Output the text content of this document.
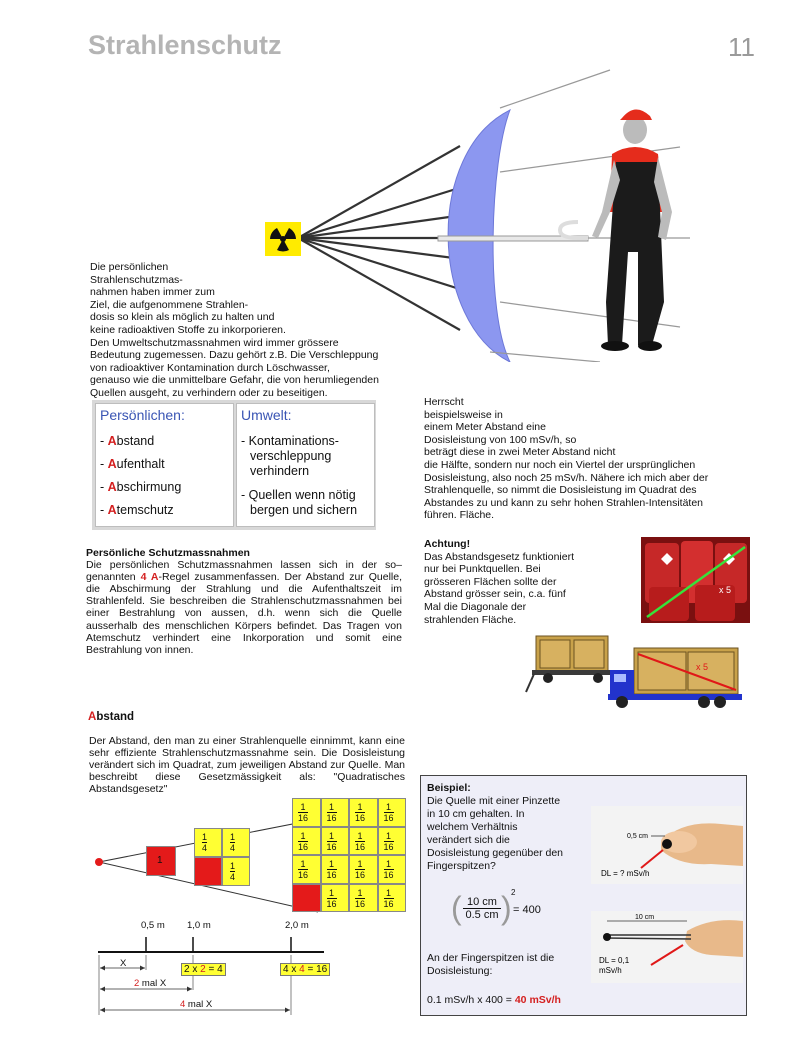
Strahlenschutz	11
Die persönlichen
Strahlenschutzmas-
nahmen haben immer zum
Ziel, die aufgenommene Strahlen-
dosis so klein als möglich zu halten und
keine radioaktiven Stoffe zu inkorporieren.
Den Umweltschutzmassnahmen wird immer grössere
Bedeutung zugemessen. Dazu gehört z.B. Die Verschleppung
von radioaktiver Kontamination durch Löschwasser,
genauso wie die unmittelbare Gefahr, die von herumliegenden
Quellen ausgeht, zu verhindern oder zu beseitigen.
Persönlichen:
- Abstand
- Aufenthalt
- Abschirmung
- Atemschutz
Umwelt:
- Kontaminations-
verschleppung
verhindern
- Quellen wenn nötig
bergen und sichern
Herrscht
beispielsweise in
einem Meter Abstand eine
Dosisleistung von 100 mSv/h, so
beträgt diese in zwei Meter Abstand nicht
die Hälfte, sondern nur noch ein Viertel der ursprünglichen
Dosisleistung, also noch 25 mSv/h. Nähere ich mich aber der
Strahlenquelle, so nimmt die Dosisleistung im Quadrat des
Abstandes zu und kann zu sehr hohen Strahlen-Intensitäten
führen. Fläche.
Achtung!
Das Abstandsgesetz funktioniert
nur bei Punktquellen. Bei
grösseren Flächen sollte der
Abstand grösser sein, c.a. fünf
Mal die Diagonale der
strahlenden Fläche.
x 5
x 5
Persönliche Schutzmassnahmen
Die persönlichen Schutzmassnahmen lassen sich in der so–genannten 4 A-Regel zusammenfassen. Der Abstand zur Quelle, die Abschirmung der Strahlung und die Aufenthaltszeit im Strahlenfeld. Sie beschreiben die Strahlenschutzmassnahmen bei einer Bestrahlung von aussen, d.h. wenn sich die Quelle ausserhalb des menschlichen Körpers befindet. Das Tragen von Atemschutz verhindert eine Inkorporation und somit eine Bestrahlung von innen.
Abstand
Der Abstand, den man zu einer Strahlenquelle einnimmt, kann eine sehr effiziente Strahlenschutzmassnahme sein. Die Dosisleistung verändert sich im Quadrat, zum jeweiligen Abstand zur Quelle. Man beschreibt diese Gesetzmässigkeit als: "Quadratisches Abstandsgesetz"
1
$\frac{1}{4}$	$\frac{1}{4}$
$\frac{1}{4}$
$\frac{1}{16} \frac{1}{16} \frac{1}{16} \frac{1}{16}$
$\frac{1}{16} \frac{1}{16} \frac{1}{16} \frac{1}{16}$
$\frac{1}{16} \frac{1}{16} \frac{1}{16} \frac{1}{16}$
$\frac{1}{16} \frac{1}{16} \frac{1}{16}$
0,5 m 1,0 m	2,0 m
X
2 mal X
4 mal X
2 x 2 = 4	4 x 4 = 16
Beispiel:
Die Quelle mit einer Pinzette
in 10 cm gehalten. In
welchem Verhältnis
verändert sich die
Dosisleistung gegenüber den
Fingerspitzen?
( 10 cm
0.5 cm ) 2
= 400
An der Fingerspitzen ist die
Dosisleistung:
0.1 mSv/h x 400 = 40 mSv/h
0,5 cm
DL = ? mSv/h
10 cm
DL = 0,1
mSv/h
